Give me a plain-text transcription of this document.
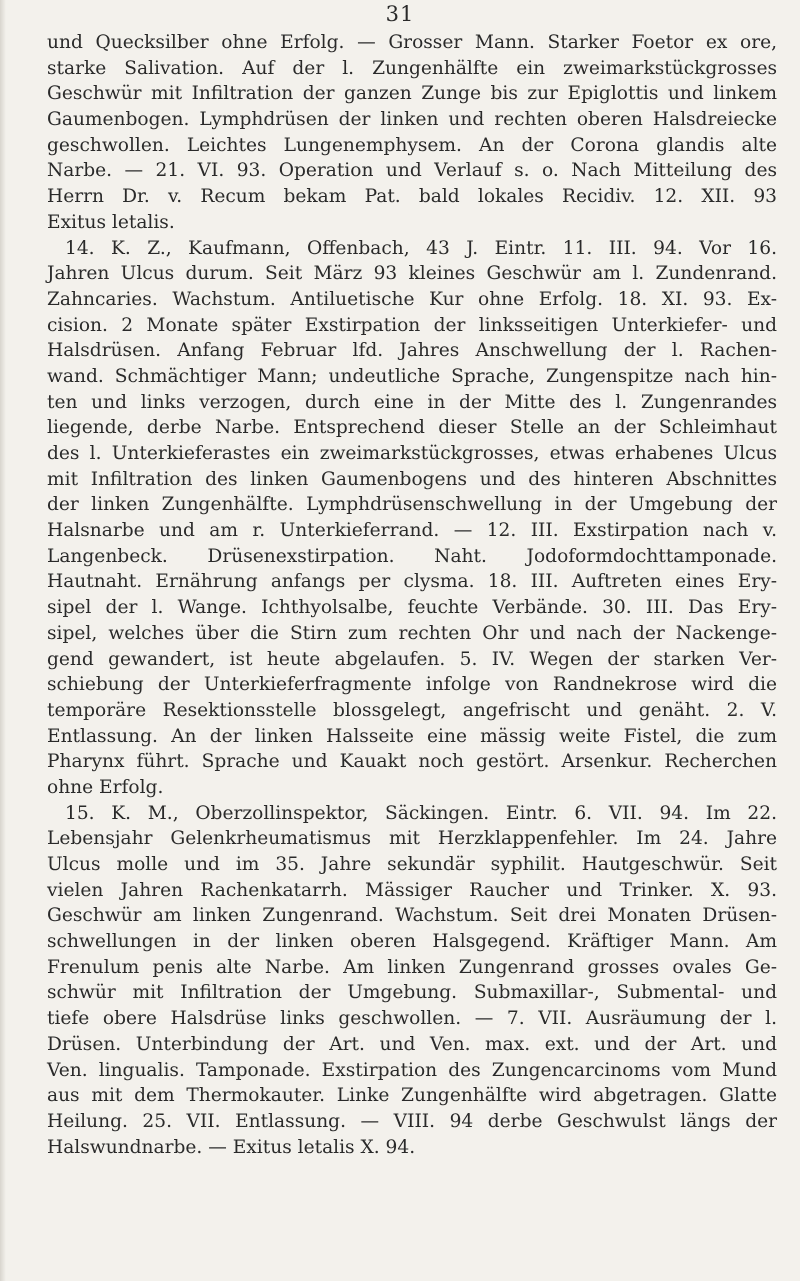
31
und Quecksilber ohne Erfolg. — Grosser Mann. Starker Foetor ex ore,
starke Salivation. Auf der l. Zungenhälfte ein zweimarkstückgrosses
Geschwür mit Infiltration der ganzen Zunge bis zur Epiglottis und linkem
Gaumenbogen. Lymphdrüsen der linken und rechten oberen Halsdreiecke
geschwollen. Leichtes Lungenemphysem. An der Corona glandis alte
Narbe. — 21. VI. 93. Operation und Verlauf s. o. Nach Mitteilung des
Herrn Dr. v. Recum bekam Pat. bald lokales Recidiv. 12. XII. 93
Exitus letalis.
14. K. Z., Kaufmann, Offenbach, 43 J. Eintr. 11. III. 94. Vor 16.
Jahren Ulcus durum. Seit März 93 kleines Geschwür am l. Zundenrand.
Zahncaries. Wachstum. Antiluetische Kur ohne Erfolg. 18. XI. 93. Ex-
cision. 2 Monate später Exstirpation der linksseitigen Unterkiefer- und
Halsdrüsen. Anfang Februar lfd. Jahres Anschwellung der l. Rachen-
wand. Schmächtiger Mann; undeutliche Sprache, Zungenspitze nach hin-
ten und links verzogen, durch eine in der Mitte des l. Zungenrandes
liegende, derbe Narbe. Entsprechend dieser Stelle an der Schleimhaut
des l. Unterkieferastes ein zweimarkstückgrosses, etwas erhabenes Ulcus
mit Infiltration des linken Gaumenbogens und des hinteren Abschnittes
der linken Zungenhälfte. Lymphdrüsenschwellung in der Umgebung der
Halsnarbe und am r. Unterkieferrand. — 12. III. Exstirpation nach v.
Langenbeck. Drüsenexstirpation. Naht. Jodoformdochttamponade.
Hautnaht. Ernährung anfangs per clysma. 18. III. Auftreten eines Ery-
sipel der l. Wange. Ichthyolsalbe, feuchte Verbände. 30. III. Das Ery-
sipel, welches über die Stirn zum rechten Ohr und nach der Nackenge-
gend gewandert, ist heute abgelaufen. 5. IV. Wegen der starken Ver-
schiebung der Unterkieferfragmente infolge von Randnekrose wird die
temporäre Resektionsstelle blossgelegt, angefrischt und genäht. 2. V.
Entlassung. An der linken Halsseite eine mässig weite Fistel, die zum
Pharynx führt. Sprache und Kauakt noch gestört. Arsenkur. Recherchen
ohne Erfolg.
15. K. M., Oberzollinspektor, Säckingen. Eintr. 6. VII. 94. Im 22.
Lebensjahr Gelenkrheumatismus mit Herzklappenfehler. Im 24. Jahre
Ulcus molle und im 35. Jahre sekundär syphilit. Hautgeschwür. Seit
vielen Jahren Rachenkatarrh. Mässiger Raucher und Trinker. X. 93.
Geschwür am linken Zungenrand. Wachstum. Seit drei Monaten Drüsen-
schwellungen in der linken oberen Halsgegend. Kräftiger Mann. Am
Frenulum penis alte Narbe. Am linken Zungenrand grosses ovales Ge-
schwür mit Infiltration der Umgebung. Submaxillar-, Submental- und
tiefe obere Halsdrüse links geschwollen. — 7. VII. Ausräumung der l.
Drüsen. Unterbindung der Art. und Ven. max. ext. und der Art. und
Ven. lingualis. Tamponade. Exstirpation des Zungencarcinoms vom Mund
aus mit dem Thermokauter. Linke Zungenhälfte wird abgetragen. Glatte
Heilung. 25. VII. Entlassung. — VIII. 94 derbe Geschwulst längs der
Halswundnarbe. — Exitus letalis X. 94.
